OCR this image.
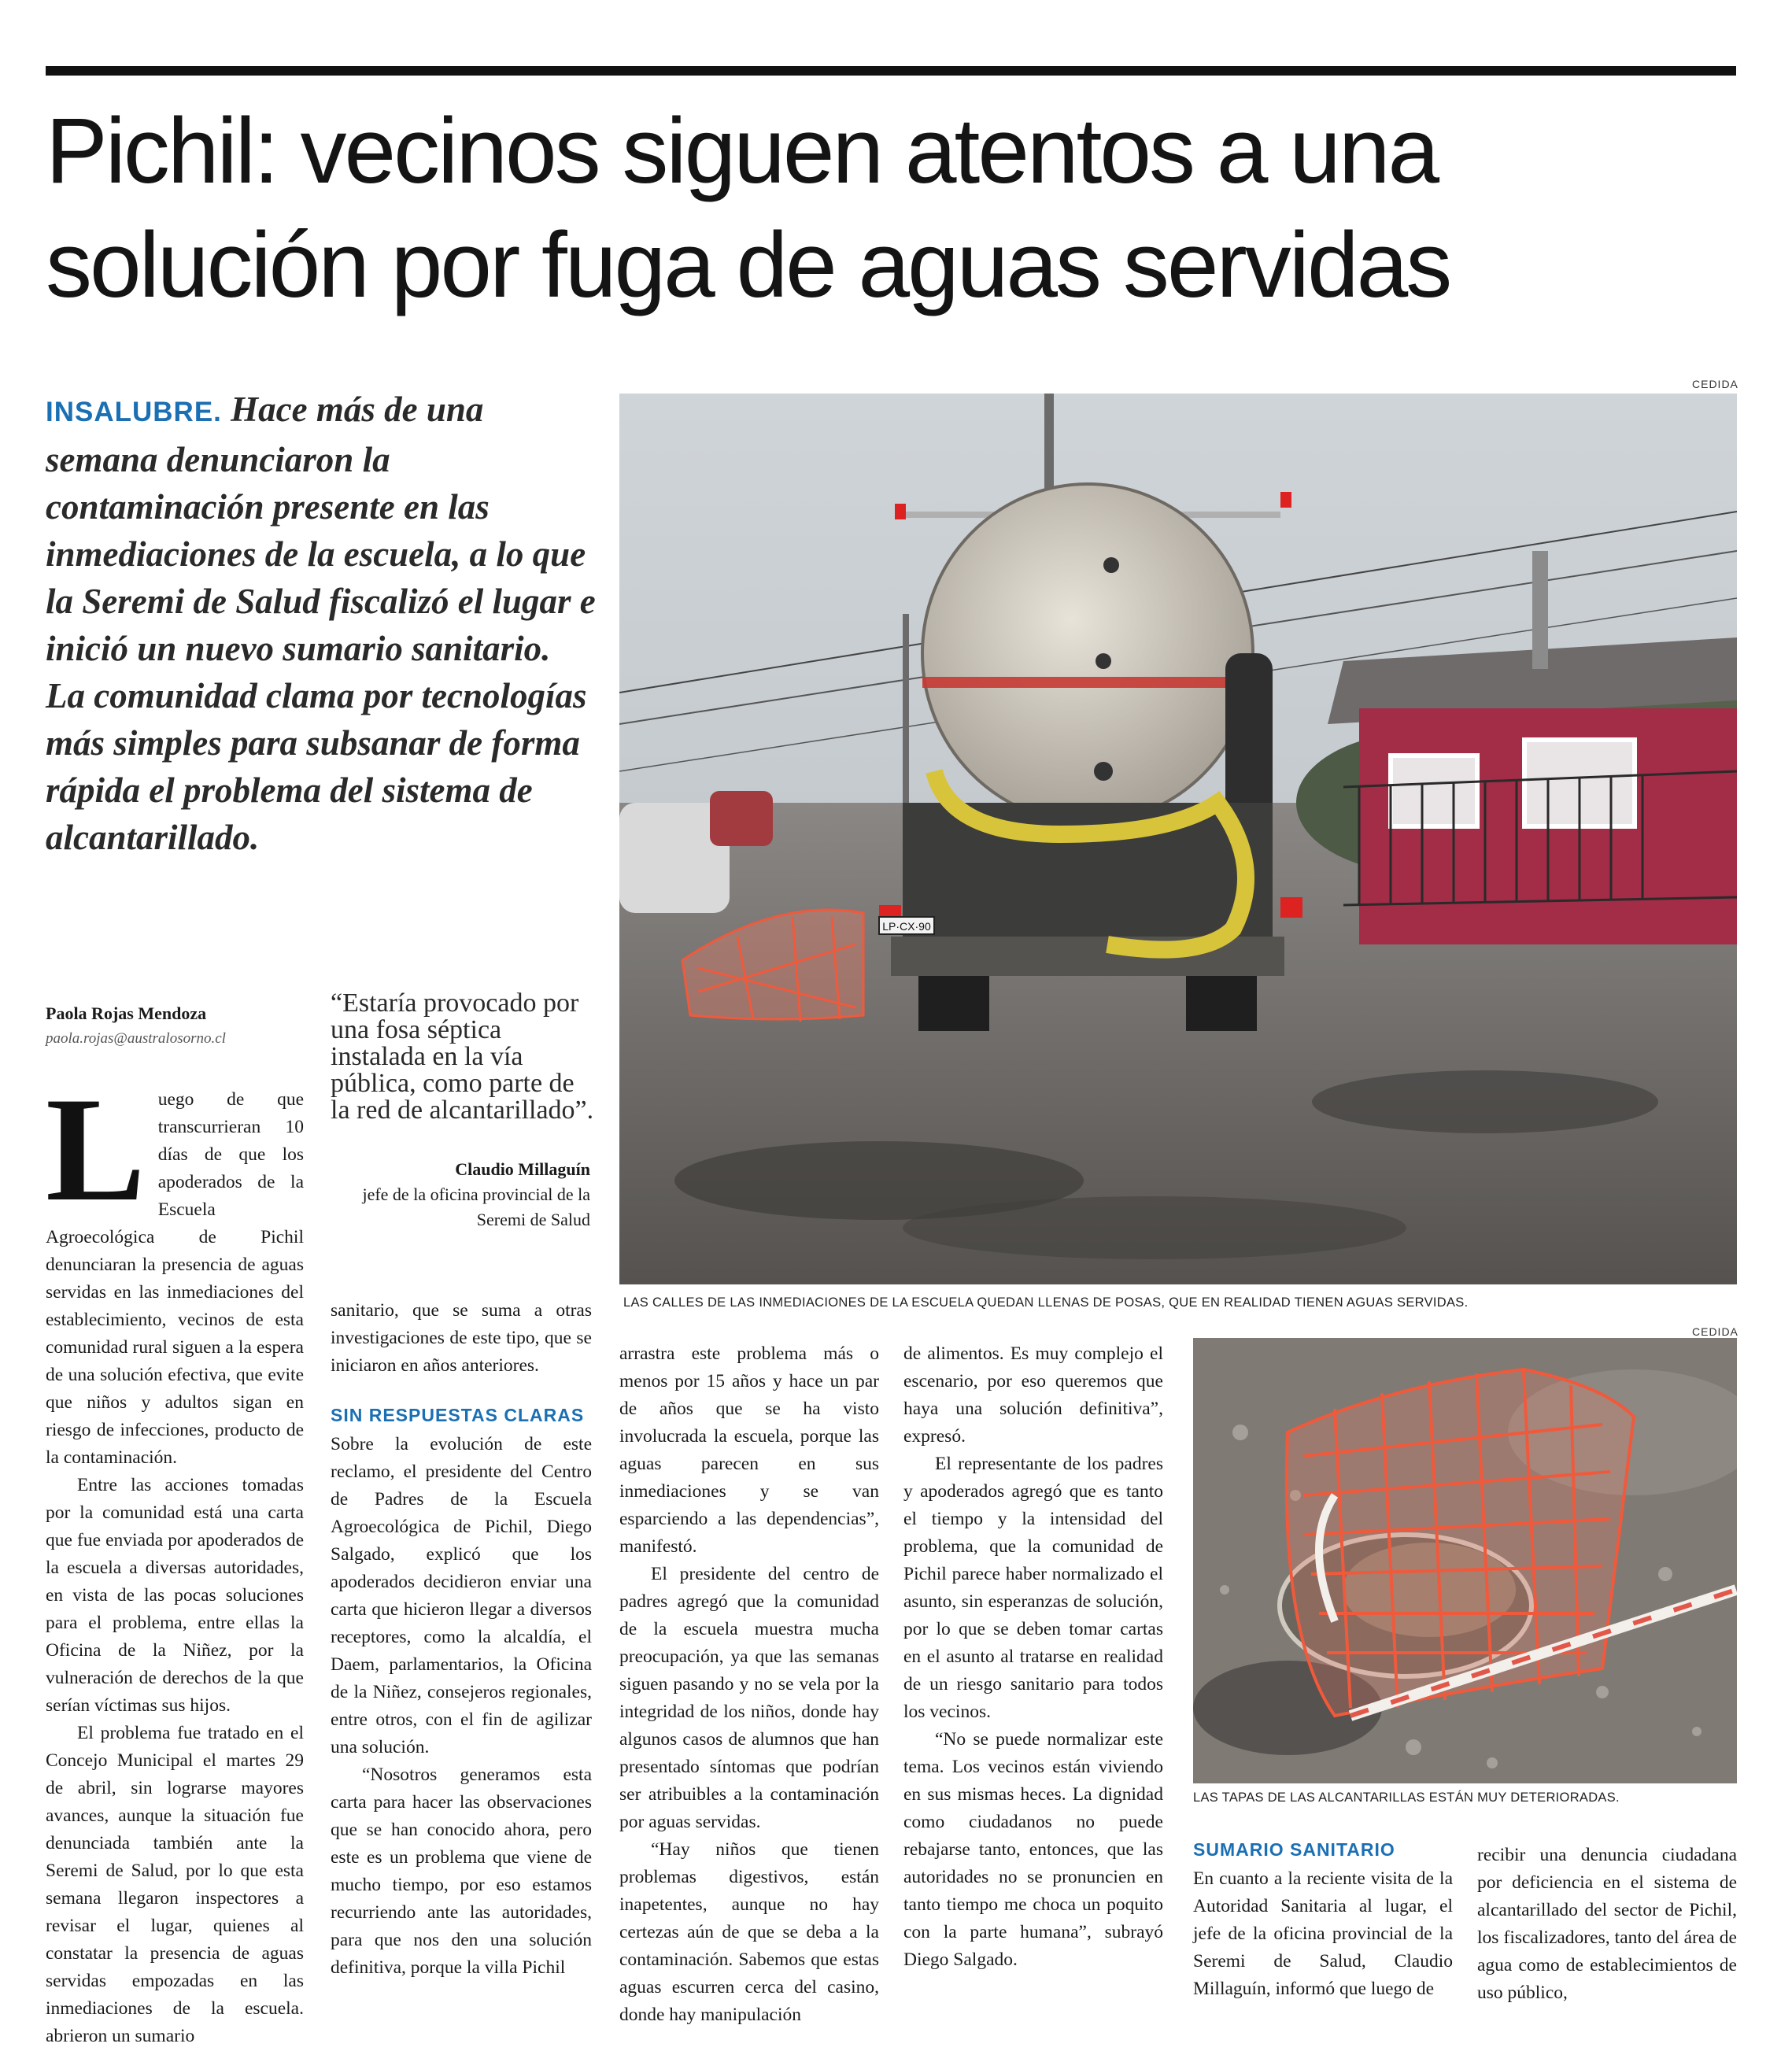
Pichil: vecinos siguen atentos a una solución por fuga de aguas servidas
INSALUBRE. Hace más de una semana denunciaron la contaminación presente en las inmediaciones de la escuela, a lo que la Seremi de Salud fiscalizó el lugar e inició un nuevo sumario sanitario. La comunidad clama por tecnologías más simples para subsanar de forma rápida el problema del sistema de alcantarillado.
Paola Rojas Mendoza
paola.rojas@australosorno.cl
“Estaría provocado por una fosa séptica instalada en la vía pública, como parte de la red de alcantarillado”.
Claudio Millaguín
jefe de la oficina provincial de la Seremi de Salud
CEDIDA
LP·CX·90
LAS CALLES DE LAS INMEDIACIONES DE LA ESCUELA QUEDAN LLENAS DE POSAS, QUE EN REALIDAD TIENEN AGUAS SERVIDAS.
CEDIDA
LAS TAPAS DE LAS ALCANTARILLAS ESTÁN MUY DETERIORADAS.

Luego de que transcurrieran 10 días de que los apoderados de la Escuela Agroecológica de Pichil denunciaran la presencia de aguas servidas en las inmediaciones del establecimiento, vecinos de esta comunidad rural siguen a la espera de una solución efectiva, que evite que niños y adultos sigan en riesgo de infecciones, producto de la contaminación.

Entre las acciones tomadas por la comunidad está una carta que fue enviada por apoderados de la escuela a diversas autoridades, en vista de las pocas soluciones para el problema, entre ellas la Oficina de la Niñez, por la vulneración de derechos de la que serían víctimas sus hijos.

El problema fue tratado en el Concejo Municipal el martes 29 de abril, sin lograrse mayores avances, aunque la situación fue denunciada también ante la Seremi de Salud, por lo que esta semana llegaron inspectores a revisar el lugar, quienes al constatar la presencia de aguas servidas empozadas en las inmediaciones de la escuela. abrieron un sumario

sanitario, que se suma a otras investigaciones de este tipo, que se iniciaron en años anteriores.

SIN RESPUESTAS CLARAS

Sobre la evolución de este reclamo, el presidente del Centro de Padres de la Escuela Agroecológica de Pichil, Diego Salgado, explicó que los apoderados decidieron enviar una carta que hicieron llegar a diversos receptores, como la alcaldía, el Daem, parlamentarios, la Oficina de la Niñez, consejeros regionales, entre otros, con el fin de agilizar una solución.

“Nosotros generamos esta carta para hacer las observaciones que se han conocido ahora, pero este es un problema que viene de mucho tiempo, por eso estamos recurriendo ante las autoridades, para que nos den una solución definitiva, porque la villa Pichil

arrastra este problema más o menos por 15 años y hace un par de años que se ha visto involucrada la escuela, porque las aguas parecen en sus inmediaciones y se van esparciendo a las dependencias”, manifestó.

El presidente del centro de padres agregó que la comunidad de la escuela muestra mucha preocupación, ya que las semanas siguen pasando y no se vela por la integridad de los niños, donde hay algunos casos de alumnos que han presentado síntomas que podrían ser atribuibles a la contaminación por aguas servidas.

“Hay niños que tienen problemas digestivos, están inapetentes, aunque no hay certezas aún de que se deba a la contaminación. Sabemos que estas aguas escurren cerca del casino, donde hay manipulación

de alimentos. Es muy complejo el escenario, por eso queremos que haya una solución definitiva”, expresó.

El representante de los padres y apoderados agregó que es tanto el tiempo y la intensidad del problema, que la comunidad de Pichil parece haber normalizado el asunto, sin esperanzas de solución, por lo que se deben tomar cartas en el asunto al tratarse en realidad de un riesgo sanitario para todos los vecinos.

“No se puede normalizar este tema. Los vecinos están viviendo en sus mismas heces. La dignidad como ciudadanos no puede rebajarse tanto, entonces, que las autoridades no se pronuncien en tanto tiempo me choca un poquito con la parte humana”, subrayó Diego Salgado.

SUMARIO SANITARIO

En cuanto a la reciente visita de la Autoridad Sanitaria al lugar, el jefe de la oficina provincial de la Seremi de Salud, Claudio Millaguín, informó que luego de

recibir una denuncia ciudadana por deficiencia en el sistema de alcantarillado del sector de Pichil, los fiscalizadores, tanto del área de agua como de establecimientos de uso público,
